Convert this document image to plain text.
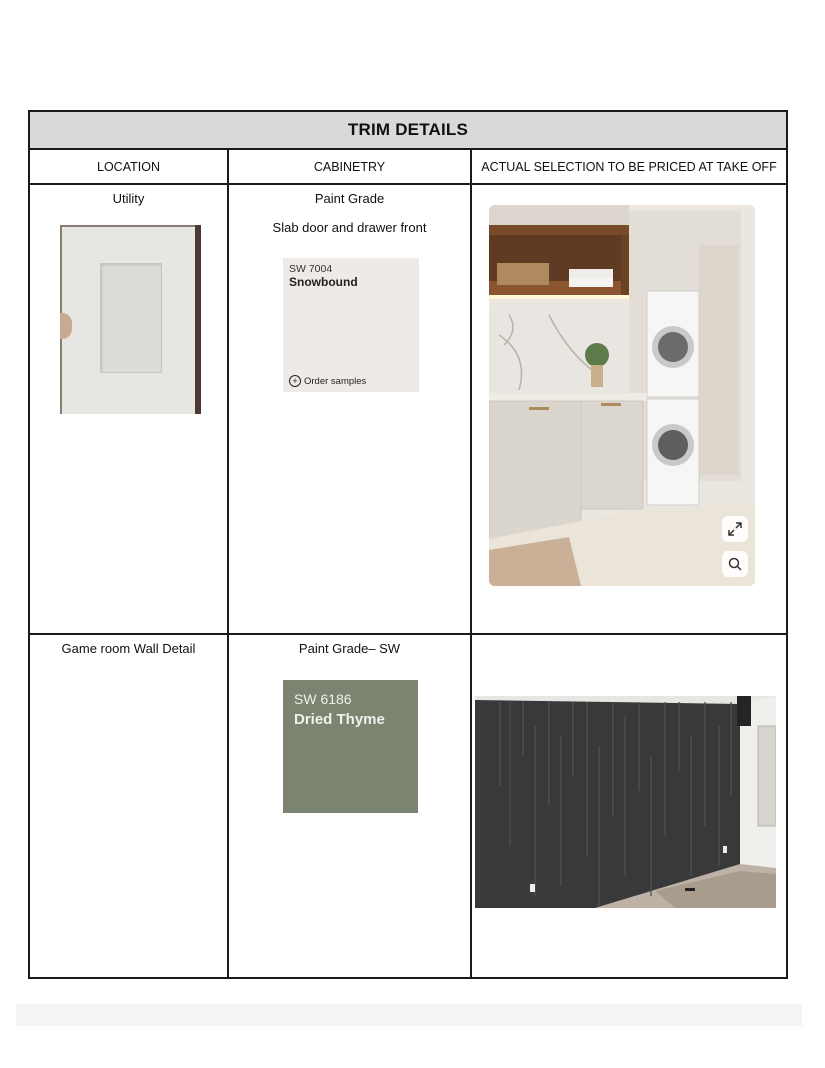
TRIM DETAILS
LOCATION	CABINETRY	ACTUAL SELECTION TO BE PRICED AT TAKE OFF
Utility	Paint Grade
Slab door and drawer front
SW 7004
Snowbound
+ Order samples
Game room Wall Detail	Paint Grade– SW
SW 6186
Dried Thyme
